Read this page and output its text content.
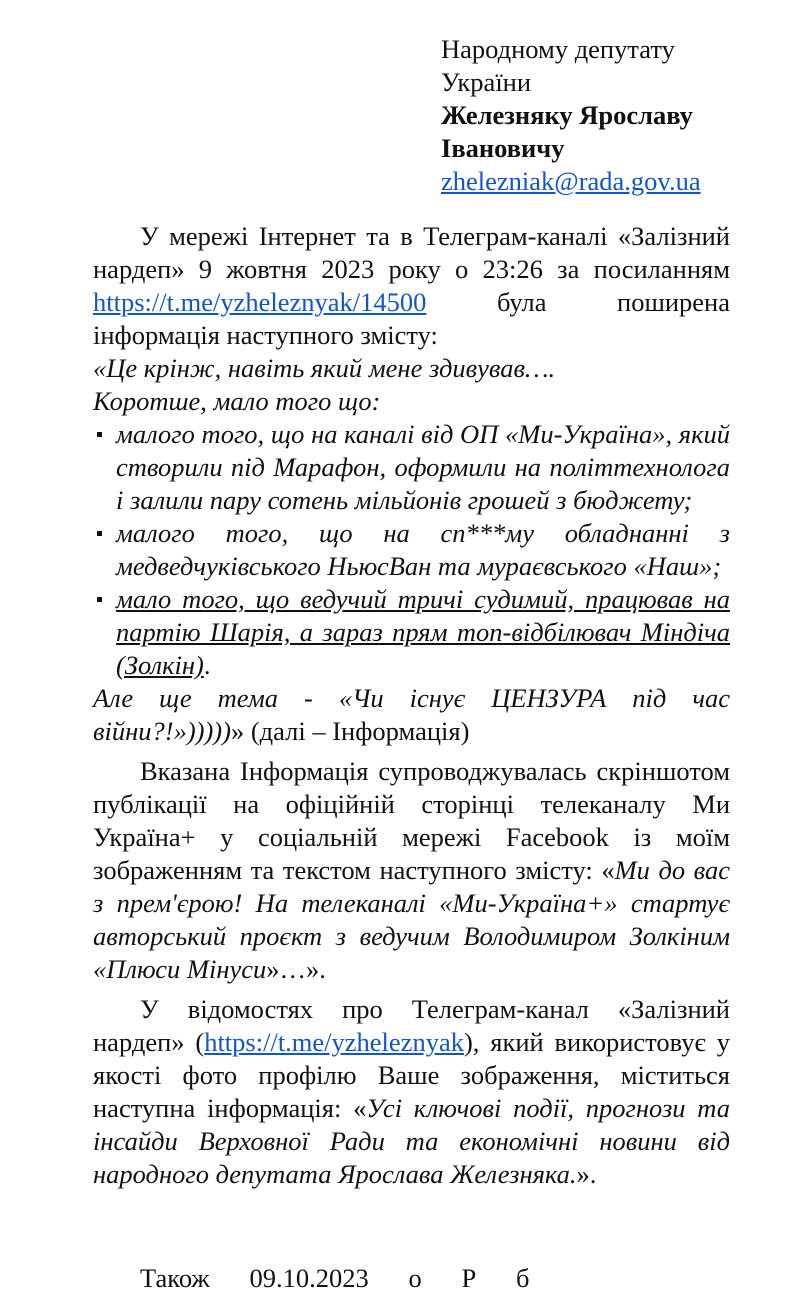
Народному депутату
України
Железняку Ярославу
Івановичу
zhelezniak@rada.gov.ua

У мережі Інтернет та в Телеграм-каналі «Залізний нардеп» 9 жовтня 2023 року о 23:26 за посиланням https://t.me/yzheleznyak/14500	була поширена інформація наступного змісту:

«Це крінж, навіть який мене здивував….
Коротше, мало того що:
малого того, що на каналі від ОП «Ми-Україна», який створили під Марафон, оформили на політтехнолога і залили пару сотень мільйонів грошей з бюджету;
малого того, що на сп***му обладнанні з медведчуківського НьюсВан та мураєвського «Наш»;
мало того, що ведучий тричі судимий, працював на партію Шарія, а зараз прям топ-відбілювач Міндіча (Золкін).

Але ще тема - «Чи існує ЦЕНЗУРА під час війни?!»)))))» (далі – Інформація)

Вказана Інформація супроводжувалась скріншотом публікації на офіційній сторінці телеканалу Ми Україна+ у соціальній мережі Facebook із моїм зображенням та текстом наступного змісту: «Ми до вас з прем'єрою! На телеканалі «Ми-Україна+» стартує авторський проєкт з ведучим Володимиром Золкіним «Плюси Мінуси»…».

У відомостях про Телеграм-канал «Залізний нардеп» (https://t.me/yzheleznyak), який використовує у якості фото профілю Ваше зображення, міститься наступна інформація: «Усі ключові події, прогнози та інсайди Верховної Ради та економічні новини від народного депутата Ярослава Железняка.».

Також      09.10.2023      о      Р      б
